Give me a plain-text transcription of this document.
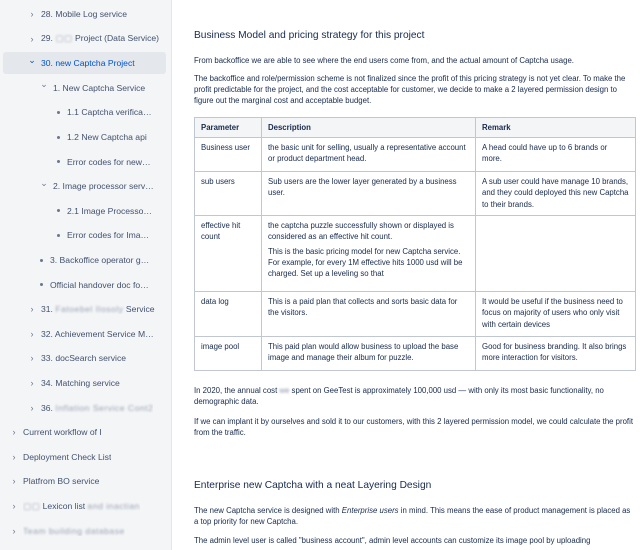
› 28. Mobile Log service
› 29. ▢▢ Project (Data Service)
⌄ 30. new Captcha Project
⌄ 1. New Captcha Service
1.1 Captcha verifica…
1.2 New Captcha api
Error codes for new…
⌄ 2. Image processor serv…
2.1 Image Processo…
Error codes for Ima…
3. Backoffice operator g…
Official handover doc fo…
› 31. Fatoebel Ilosoly Service
› 32. Achievement Service M…
› 33. docSearch service
› 34. Matching service
› 36. Inflation Service Cont2
› Current workflow of I
› Deployment Check List
› Platfrom BO service
› ▢▢ Lexicon list and inactian
› Team building database
Business Model and pricing strategy for this project
From backoffice we are able to see where the end users come from, and the actual amount of Captcha usage.
The backoffice and role/permission scheme is not finalized since the profit of this pricing strategy is not yet clear. To make the profit predictable for the project, and the cost acceptable for customer, we decide to make a 2 layered permission design to figure out the marginal cost and acceptable budget.
Parameter	Description	Remark
Business user	the basic unit for selling, usually a representative account or product department head.	A head could have up to 6 brands or more.
sub users	Sub users are the lower layer generated by a business user.	A sub user could have manage 10 brands, and they could deployed this new Captcha to their brands.
effective hit count	the captcha puzzle successfully shown or displayed is considered as an effective hit count.

This is the basic pricing model for new Captcha service. For example, for every 1M effective hits 1000 usd will be charged. Set up a leveling so that	

data log	This is a paid plan that collects and sorts basic data for the visitors.	It would be useful if the business need to focus on majority of users who only visit with certain devices
image pool	This paid plan would allow business to upload the base image and manage their album for puzzle.	Good for business branding. It also brings more interaction for visitors.
In 2020, the annual cost we spent on GeeTest is approximately 100,000 usd — with only its most basic functionality, no demographic data.
If we can implant it by ourselves and sold it to our customers, with this 2 layered permission model, we could calculate the profit from the traffic.
Enterprise new Captcha with a neat Layering Design
The new Captcha service is designed with Enterprise users in mind. This means the ease of product management is placed as a top priority for new Captcha.
The admin level user is called "business account", admin level accounts can customize its image pool by uploading
